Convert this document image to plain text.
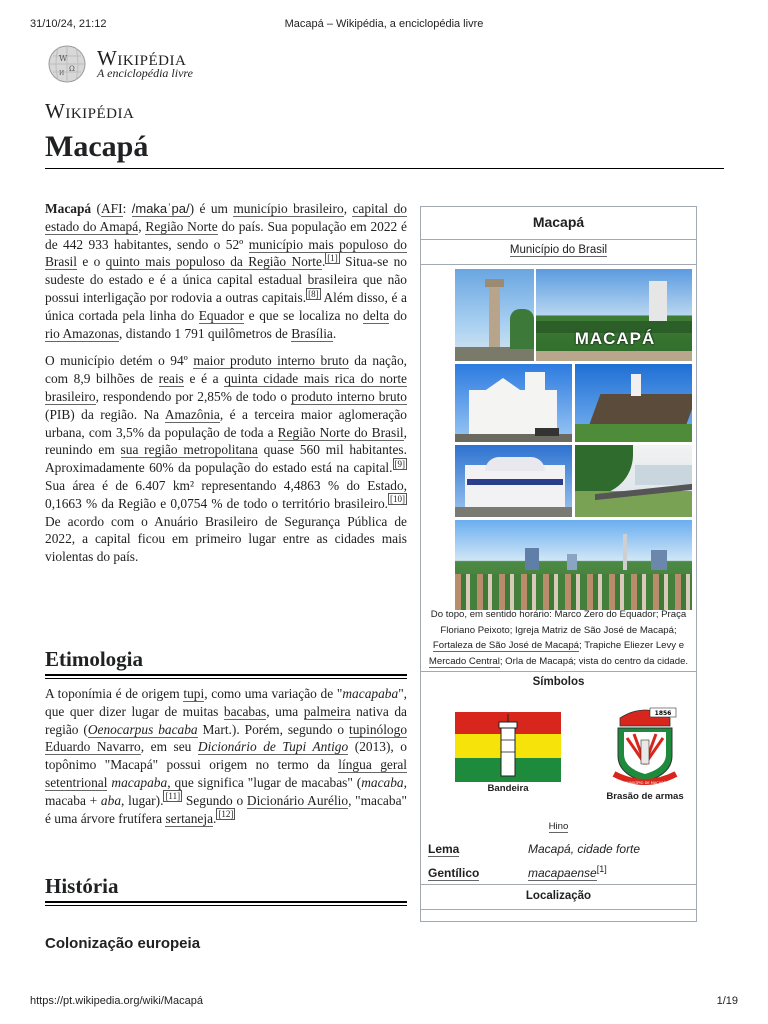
31/10/24, 21:12	Macapá – Wikipédia, a enciclopédia livre
W
Ω
И
Wikipédia
A enciclopédia livre
Wikipédia
Macapá

Macapá (AFI: /makaˈpa/) é um município brasileiro, capital do estado do Amapá, Região Norte do país. Sua população em 2022 é de 442 933 habitantes, sendo o 52º município mais populoso do Brasil e o quinto mais populoso da Região Norte. [1] Situa-se no sudeste do estado e é a única capital estadual brasileira que não possui interligação por rodovia a outras capitais. [8] Além disso, é a única cortada pela linha do Equador e que se localiza no delta do rio Amazonas, distando 1 791 quilômetros de Brasília.

O município detém o 94º maior produto interno bruto da nação, com 8,9 bilhões de reais e é a quinta cidade mais rica do norte brasileiro, respondendo por 2,85% de todo o produto interno bruto (PIB) da região. Na Amazônia, é a terceira maior aglomeração urbana, com 3,5% da população de toda a Região Norte do Brasil, reunindo em sua região metropolitana quase 560 mil habitantes. Aproximadamente 60% da população do estado está na capital. [9] Sua área é de 6.407 km² representando 4,4863 % do Estado, 0,1663 % da Região e 0,0754 % de todo o território brasileiro. [10] De acordo com o Anuário Brasileiro de Segurança Pública de 2022, a capital ficou em primeiro lugar entre as cidades mais violentas do país.

Etimologia
A toponímia é de origem tupi, como uma variação de "macapaba", que quer dizer lugar de muitas bacabas, uma palmeira nativa da região (Oenocarpus bacaba Mart.). Porém, segundo o tupinólogo Eduardo Navarro, em seu Dicionário de Tupi Antigo (2013), o topônimo "Macapá" possui origem no termo da língua geral setentrional macapaba, que significa "lugar de macabas" (macaba, macaba + aba, lugar). [11] Segundo o Dicionário Aurélio, "macaba" é uma árvore frutífera sertaneja. [12]
História
Colonização europeia
Macapá
Município do Brasil
MACAPÁ
Do topo, em sentido horário: Marco Zero do Equador; Praça Floriano Peixoto; Igreja Matriz de São José de Macapá; Fortaleza de São José de Macapá; Trapiche Eliezer Levy e Mercado Central; Orla de Macapá; vista do centro da cidade.
Símbolos
Bandeira
1856
MUNICÍPIO DE MACAPÁ
Brasão de armas
Hino
Lema	Macapá, cidade forte
Gentílico	macapaense[1]
Localização
https://pt.wikipedia.org/wiki/Macapá	1/19
